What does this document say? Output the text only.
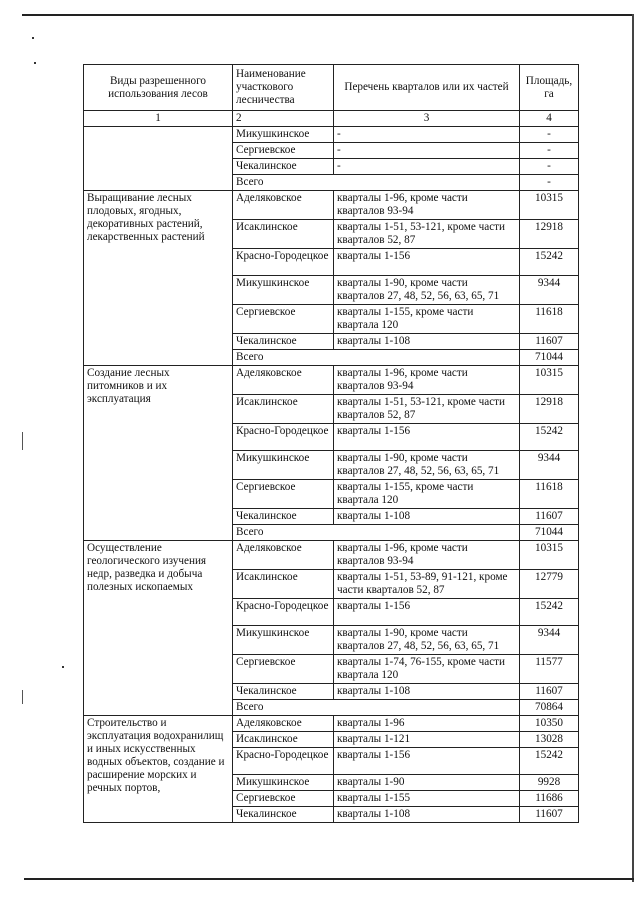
Виды разрешенного использования лесов	Наименование участкового лесничества	Перечень кварталов или их частей	Площадь, га
1	2	3	4
	Микушкинское	-	-
	Сергиевское	-	-
	Чекалинское	-	-
	Всего		-
Выращивание лесных плодовых, ягодных, декоративных растений, лекарственных растений	Аделяковское	кварталы 1-96, кроме части кварталов 93-94	10315
	Исаклинское	кварталы 1-51, 53-121, кроме части кварталов 52, 87	12918
	Красно-Городецкое	кварталы 1-156	15242
	Микушкинское	кварталы 1-90, кроме части кварталов 27, 48, 52, 56, 63, 65, 71	9344
	Сергиевское	кварталы 1-155, кроме части квартала 120	11618
	Чекалинское	кварталы 1-108	11607
	Всего		71044
Создание лесных питомников и их эксплуатация	Аделяковское	кварталы 1-96, кроме части кварталов 93-94	10315
	Исаклинское	кварталы 1-51, 53-121, кроме части кварталов 52, 87	12918
	Красно-Городецкое	кварталы 1-156	15242
	Микушкинское	кварталы 1-90, кроме части кварталов 27, 48, 52, 56, 63, 65, 71	9344
	Сергиевское	кварталы 1-155, кроме части квартала 120	11618
	Чекалинское	кварталы 1-108	11607
	Всего		71044
Осуществление геологического изучения недр, разведка и добыча полезных ископаемых	Аделяковское	кварталы 1-96, кроме части кварталов 93-94	10315
	Исаклинское	кварталы 1-51, 53-89, 91-121, кроме части кварталов 52, 87	12779
	Красно-Городецкое	кварталы 1-156	15242
	Микушкинское	кварталы 1-90, кроме части кварталов 27, 48, 52, 56, 63, 65, 71	9344
	Сергиевское	кварталы 1-74, 76-155, кроме части квартала 120	11577
	Чекалинское	кварталы 1-108	11607
	Всего		70864
Строительство и эксплуатация водохранилищ и иных искусственных водных объектов, создание и расширение морских и речных портов,	Аделяковское	кварталы 1-96	10350
	Исаклинское	кварталы 1-121	13028
	Красно-Городецкое	кварталы 1-156	15242
	Микушкинское	кварталы 1-90	9928
	Сергиевское	кварталы 1-155	11686
	Чекалинское	кварталы 1-108	11607
